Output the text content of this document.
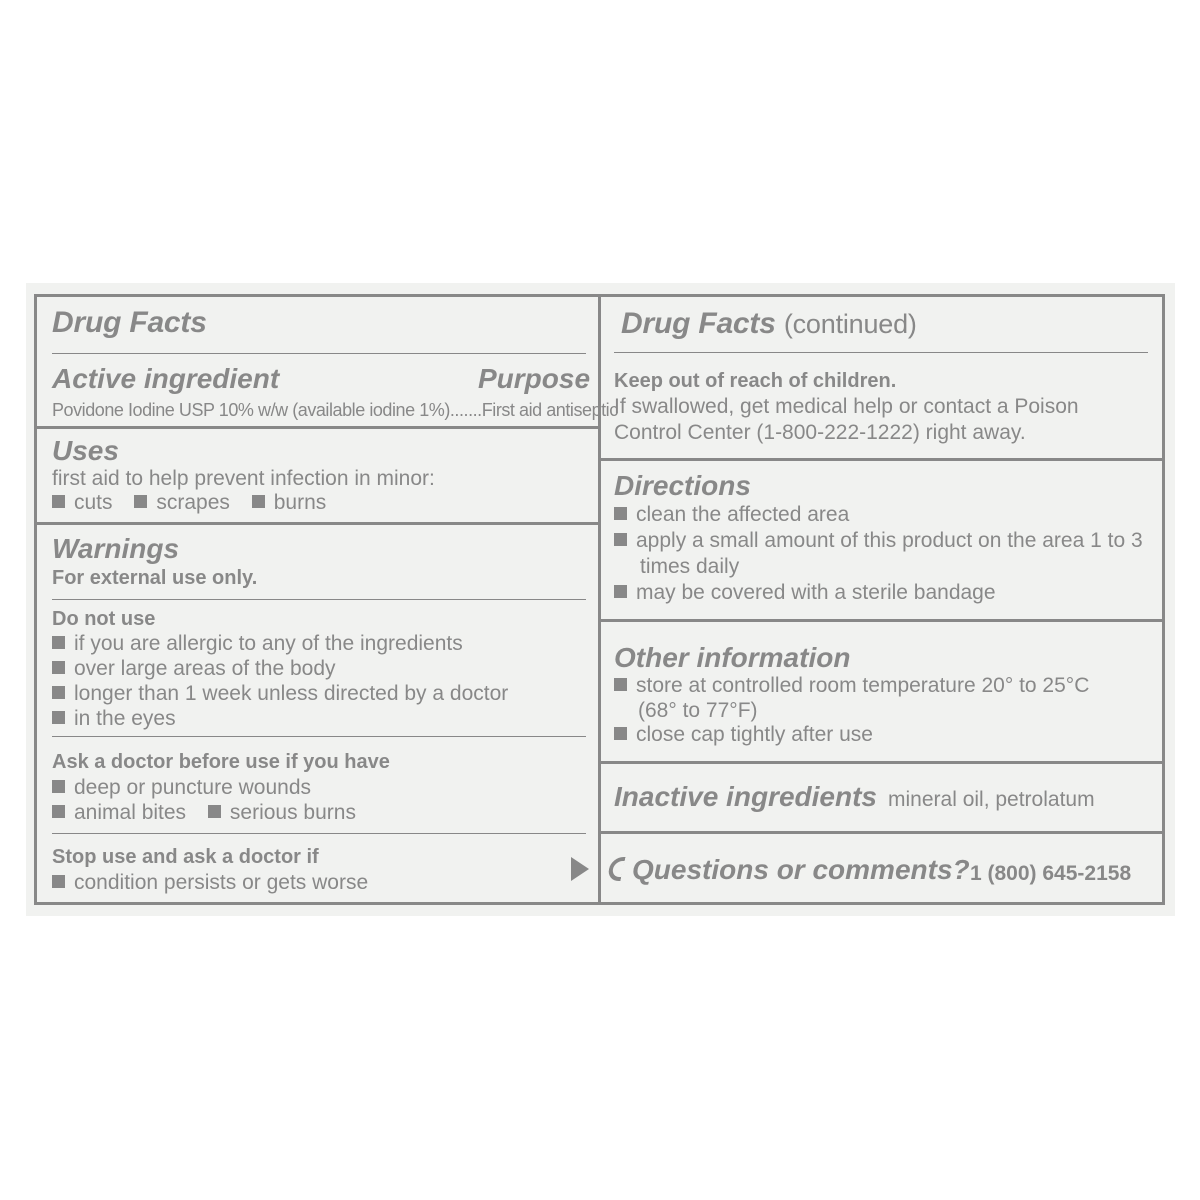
Drug Facts
Active ingredient	Purpose
Povidone Iodine USP 10% w/w (available iodine 1%).......First aid antiseptic
Uses
first aid to help prevent infection in minor:
cuts scrapes burns
Warnings
For external use only.
Do not use
if you are allergic to any of the ingredients
over large areas of the body
longer than 1 week unless directed by a doctor
in the eyes
Ask a doctor before use if you have
deep or puncture wounds
animal bites serious burns
Stop use and ask a doctor if
condition persists or gets worse
Drug Facts (continued)
Keep out of reach of children.
If swallowed, get medical help or contact a Poison
Control Center (1-800-222-1222) right away.
Directions
clean the affected area
apply a small amount of this product on the area 1 to 3
times daily
may be covered with a sterile bandage
Other information
store at controlled room temperature 20° to 25°C
(68° to 77°F)
close cap tightly after use
Inactive ingredients mineral oil, petrolatum
Questions or comments? 1 (800) 645-2158
